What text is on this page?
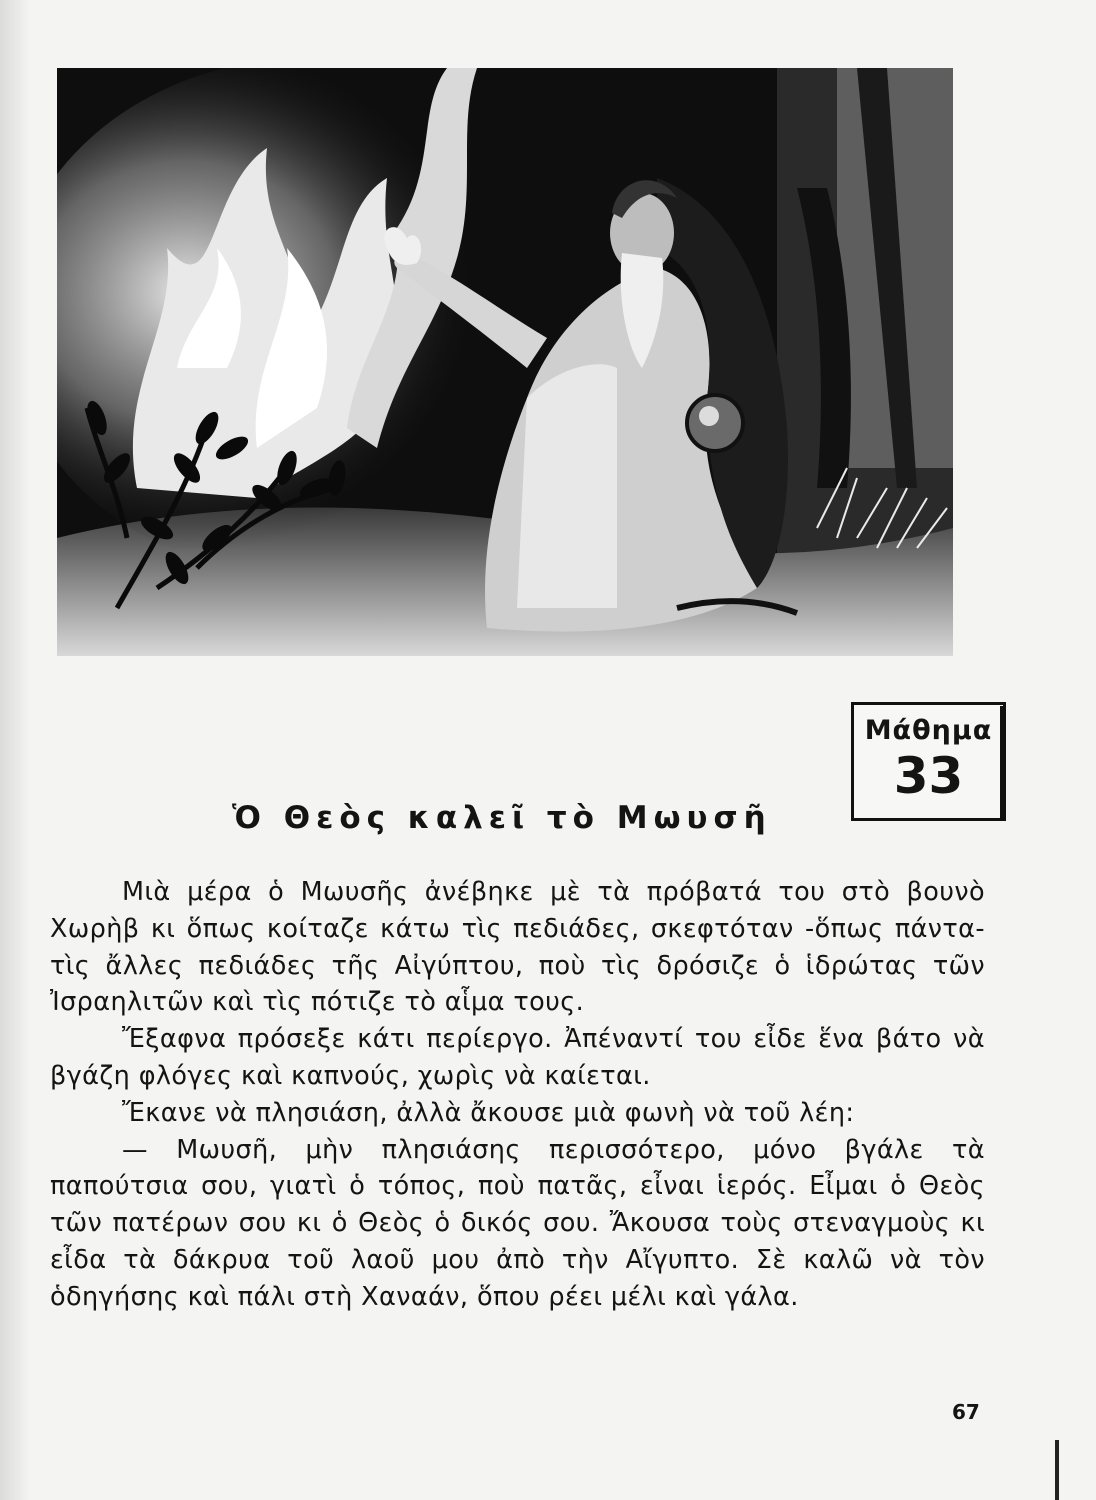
Μάθημα
33
Ὁ Θεὸς καλεῖ τὸ Μωυσῆ

Μιὰ μέρα ὁ Μωυσῆς ἀνέβηκε μὲ τὰ πρόβατά του στὸ βουνὸ Χωρὴβ κι ὅπως κοίταζε κάτω τὶς πεδιάδες, σκεφτόταν -ὅπως πάντα- τὶς ἄλλες πεδιάδες τῆς Αἰγύπτου, ποὺ τὶς δρόσιζε ὁ ἱδρώτας τῶν Ἰσραηλιτῶν καὶ τὶς πότιζε τὸ αἷμα τους.

Ἔξαφνα πρόσεξε κάτι περίεργο. Ἀπέναντί του εἶδε ἕνα βάτο νὰ βγάζη φλόγες καὶ καπνούς, χωρὶς νὰ καίεται.

Ἔκανε νὰ πλησιάση, ἀλλὰ ἄκουσε μιὰ φωνὴ νὰ τοῦ λέη:

— Μωυσῆ, μὴν πλησιάσης περισσότερο, μόνο βγάλε τὰ παπούτσια σου, γιατὶ ὁ τόπος, ποὺ πατᾶς, εἶναι ἱερός. Εἶμαι ὁ Θεὸς τῶν πατέρων σου κι ὁ Θεὸς ὁ δικός σου. Ἄκουσα τοὺς στεναγμοὺς κι εἶδα τὰ δάκρυα τοῦ λαοῦ μου ἀπὸ τὴν Αἴγυπτο. Σὲ καλῶ νὰ τὸν ὁδηγήσης καὶ πάλι στὴ Χαναάν, ὅπου ρέει μέλι καὶ γάλα.

67
